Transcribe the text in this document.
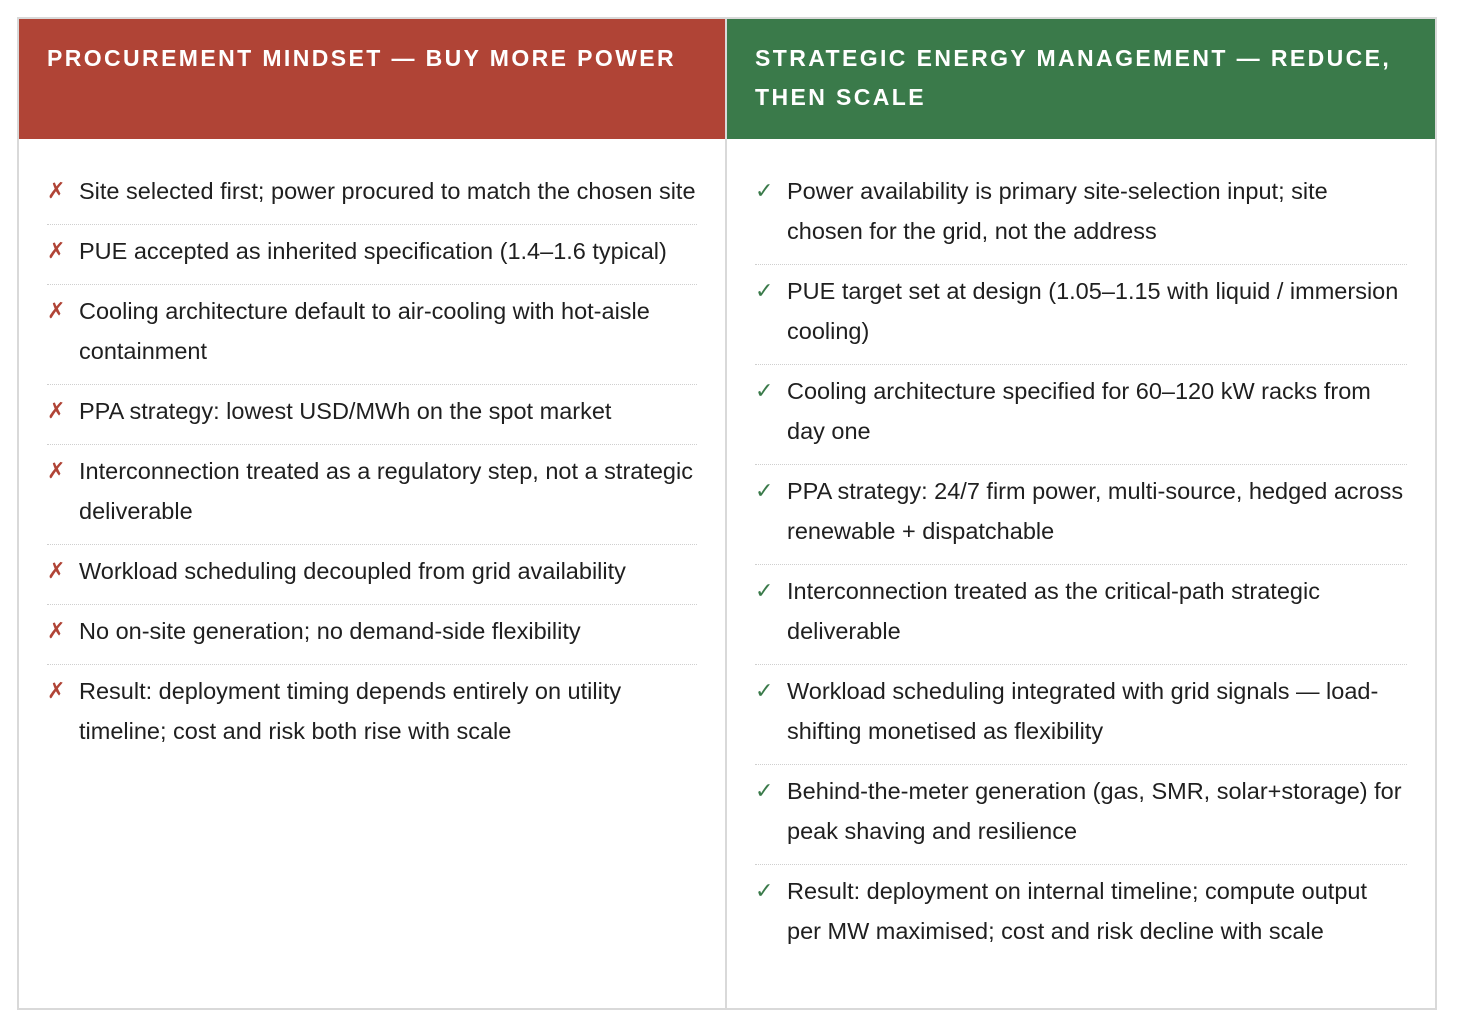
PROCUREMENT MINDSET — BUY MORE POWER
✗ Site selected first; power procured to match the chosen site
✗ PUE accepted as inherited specification (1.4–1.6 typical)
✗ Cooling architecture default to air-cooling with hot-aisle containment
✗ PPA strategy: lowest USD/MWh on the spot market
✗ Interconnection treated as a regulatory step, not a strategic deliverable
✗ Workload scheduling decoupled from grid availability
✗ No on-site generation; no demand-side flexibility
✗ Result: deployment timing depends entirely on utility timeline; cost and risk both rise with scale
STRATEGIC ENERGY MANAGEMENT — REDUCE, THEN SCALE
✓ Power availability is primary site-selection input; site chosen for the grid, not the address
✓ PUE target set at design (1.05–1.15 with liquid / immersion cooling)
✓ Cooling architecture specified for 60–120 kW racks from day one
✓ PPA strategy: 24/7 firm power, multi-source, hedged across renewable + dispatchable
✓ Interconnection treated as the critical-path strategic deliverable
✓ Workload scheduling integrated with grid signals — load-shifting monetised as flexibility
✓ Behind-the-meter generation (gas, SMR, solar+storage) for peak shaving and resilience
✓ Result: deployment on internal timeline; compute output per MW maximised; cost and risk decline with scale
